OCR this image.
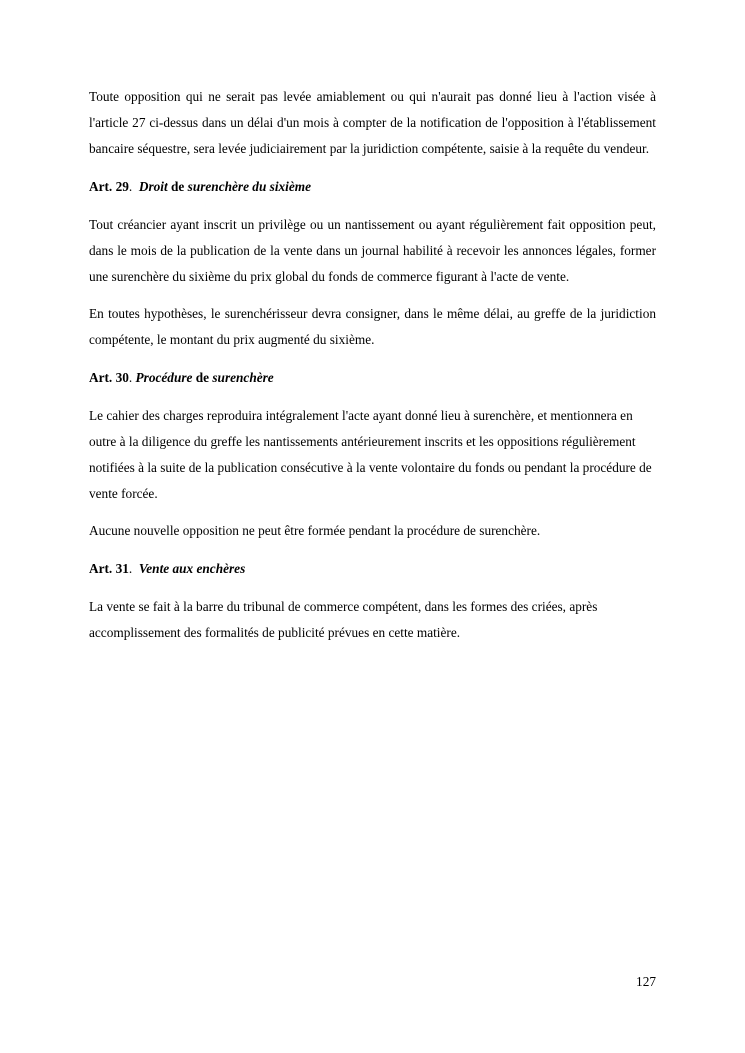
Toute opposition qui ne serait pas levée amiablement ou qui n'aurait pas donné lieu à l'action visée à l'article 27 ci-dessus dans un délai d'un mois à compter de la notification de l'opposition à l'établissement bancaire séquestre, sera levée judiciairement par la juridiction compétente, saisie à la requête du vendeur.

Art. 29.  Droit de surenchère du sixième

Tout créancier ayant inscrit un privilège ou un nantissement ou ayant régulièrement fait opposition peut, dans le mois de la publication de la vente dans un journal habilité à recevoir les annonces légales, former une surenchère du sixième du prix global du fonds de commerce figurant à l'acte de vente.

En toutes hypothèses, le surenchérisseur devra consigner, dans le même délai, au greffe de la juridiction compétente, le montant du prix augmenté du sixième.

Art. 30. Procédure de surenchère

Le cahier des charges reproduira intégralement l'acte ayant donné lieu à surenchère, et mentionnera en outre à la diligence du greffe les nantissements antérieurement inscrits et les oppositions régulièrement notifiées à la suite de la publication consécutive à la vente volontaire du fonds ou pendant la procédure de vente forcée.

Aucune nouvelle opposition ne peut être formée pendant la procédure de surenchère.

Art. 31.  Vente aux enchères

La vente se fait à la barre du tribunal de commerce compétent, dans les formes des criées, après accomplissement des formalités de publicité prévues en cette matière.

127
